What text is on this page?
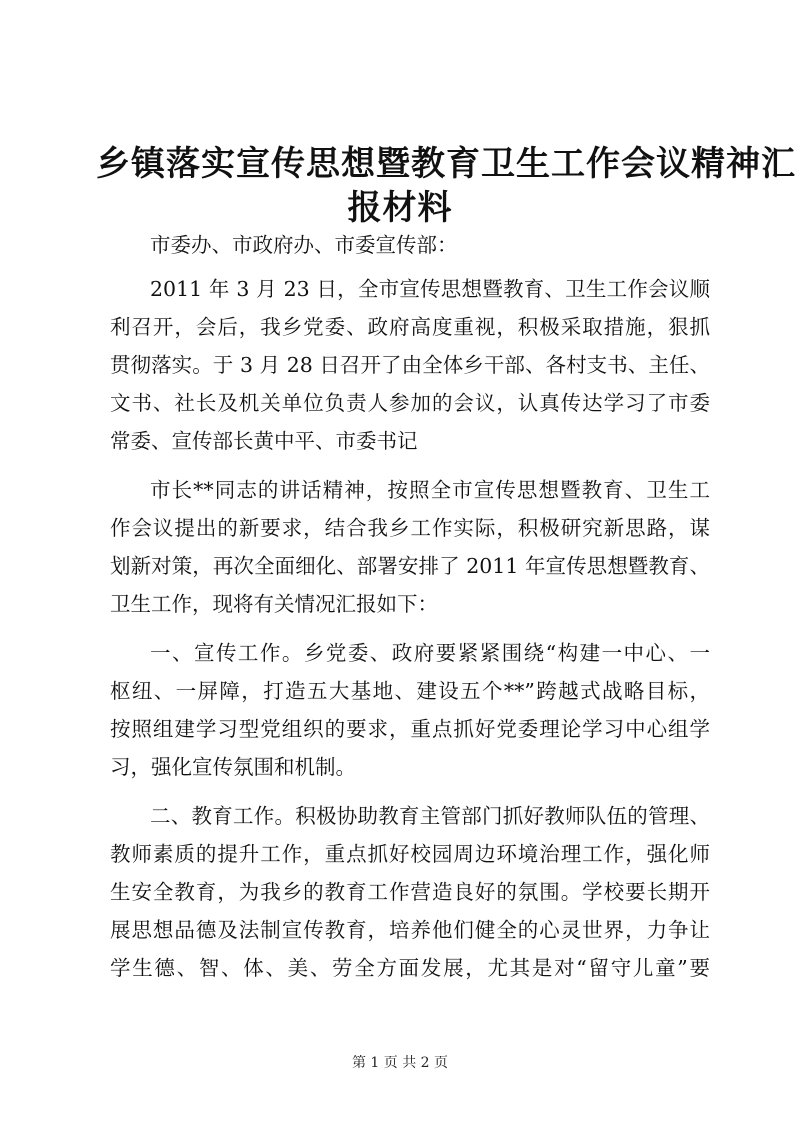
乡镇落实宣传思想暨教育卫生工作会议精神汇
报材料

市委办、市政府办、市委宣传部：

2011 年 3 月 23 日，全市宣传思想暨教育、卫生工作会议顺
利召开，会后，我乡党委、政府高度重视，积极采取措施，狠抓
贯彻落实。于 3 月 28 日召开了由全体乡干部、各村支书、主任、
文书、社长及机关单位负责人参加的会议，认真传达学习了市委
常委、宣传部长黄中平、市委书记

市长**同志的讲话精神，按照全市宣传思想暨教育、卫生工
作会议提出的新要求，结合我乡工作实际，积极研究新思路，谋
划新对策，再次全面细化、部署安排了 2011 年宣传思想暨教育、
卫生工作，现将有关情况汇报如下：

一、宣传工作。乡党委、政府要紧紧围绕“构建一中心、一
枢纽、一屏障，打造五大基地、建设五个**”跨越式战略目标，
按照组建学习型党组织的要求，重点抓好党委理论学习中心组学
习，强化宣传氛围和机制。

二、教育工作。积极协助教育主管部门抓好教师队伍的管理、
教师素质的提升工作，重点抓好校园周边环境治理工作，强化师
生安全教育，为我乡的教育工作营造良好的氛围。学校要长期开
展思想品德及法制宣传教育，培养他们健全的心灵世界，力争让
学生德、智、体、美、劳全方面发展，尤其是对“留守儿童”要

第 1 页 共 2 页
